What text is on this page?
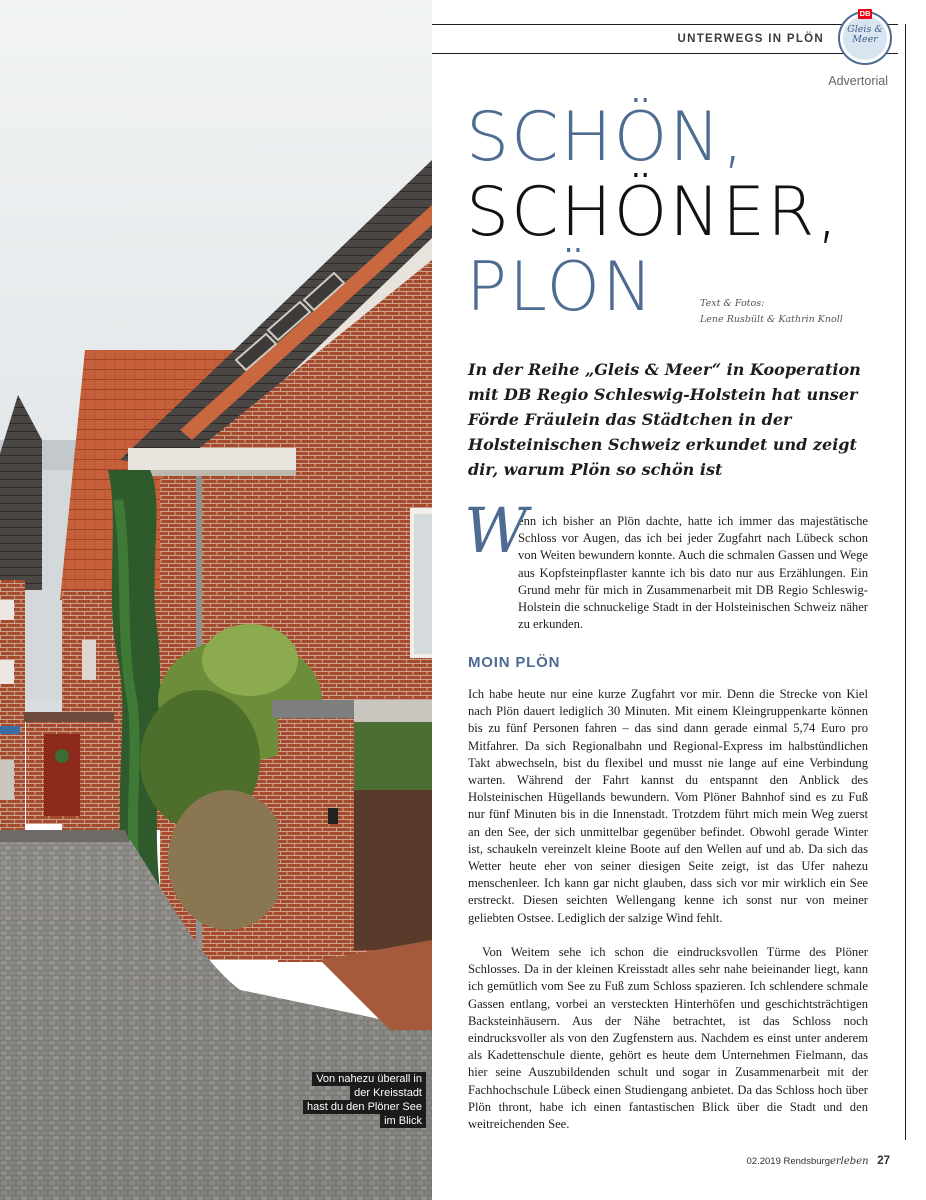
Von nahezu überall in
der Kreisstadt
hast du den Plöner See
im Blick
UNTERWEGS IN PLÖN
DB
Gleis &
Meer
Advertorial
SCHÖN,
SCHÖNER,
PLÖN	Text & Fotos:
Lene Rusbült & Kathrin Knoll
In der Reihe „Gleis & Meer“ in Kooperation mit DB Regio Schleswig-Holstein hat unser Förde Fräulein das Städtchen in der Holsteinischen Schweiz erkundet und zeigt dir, warum Plön so schön ist
W

enn ich bisher an Plön dachte, hatte ich immer das majestätische Schloss vor Augen, das ich bei jeder Zugfahrt nach Lübeck schon von Weiten bewundern konnte. Auch die schmalen Gassen und Wege aus Kopfsteinpflaster kannte ich bis dato nur aus Erzählungen. Ein Grund mehr für mich in Zusammenarbeit mit DB Regio Schleswig-Holstein die schnuckelige Stadt in der Holsteinischen Schweiz näher zu erkunden.

MOIN PLÖN

Ich habe heute nur eine kurze Zugfahrt vor mir. Denn die Strecke von Kiel nach Plön dauert lediglich 30 Minuten. Mit einem Kleingruppenkarte können bis zu fünf Personen fahren – das sind dann gerade einmal 5,74 Euro pro Mitfahrer. Da sich Regionalbahn und Regional-Express im halbstündlichen Takt abwechseln, bist du flexibel und musst nie lange auf eine Verbindung warten. Während der Fahrt kannst du entspannt den Anblick des Holsteinischen Hügellands bewundern. Vom Plöner Bahnhof sind es zu Fuß nur fünf Minuten bis in die Innenstadt. Trotzdem führt mich mein Weg zuerst an den See, der sich unmittelbar gegenüber befindet. Obwohl gerade Winter ist, schaukeln vereinzelt kleine Boote auf den Wellen auf und ab. Da sich das Wetter heute eher von seiner diesigen Seite zeigt, ist das Ufer nahezu menschenleer. Ich kann gar nicht glauben, dass sich vor mir wirklich ein See erstreckt. Diesen seichten Wellengang kenne ich sonst nur von meiner geliebten Ostsee. Lediglich der salzige Wind fehlt.

Von Weitem sehe ich schon die eindrucksvollen Türme des Plöner Schlosses. Da in der kleinen Kreisstadt alles sehr nahe beieinander liegt, kann ich gemütlich vom See zu Fuß zum Schloss spazieren. Ich schlendere schmale Gassen entlang, vorbei an versteckten Hinterhöfen und geschichtsträchtigen Backsteinhäusern. Aus der Nähe betrachtet, ist das Schloss noch eindrucksvoller als von den Zugfenstern aus. Nachdem es einst unter anderem als Kadettenschule diente, gehört es heute dem Unternehmen Fielmann, das hier seine Auszubildenden schult und sogar in Zusammenarbeit mit der Fachhochschule Lübeck einen Studiengang anbietet. Da das Schloss hoch über Plön thront, habe ich einen fantastischen Blick über die Stadt und den weitreichenden See.

02.2019 Rendsburgerleben 27
